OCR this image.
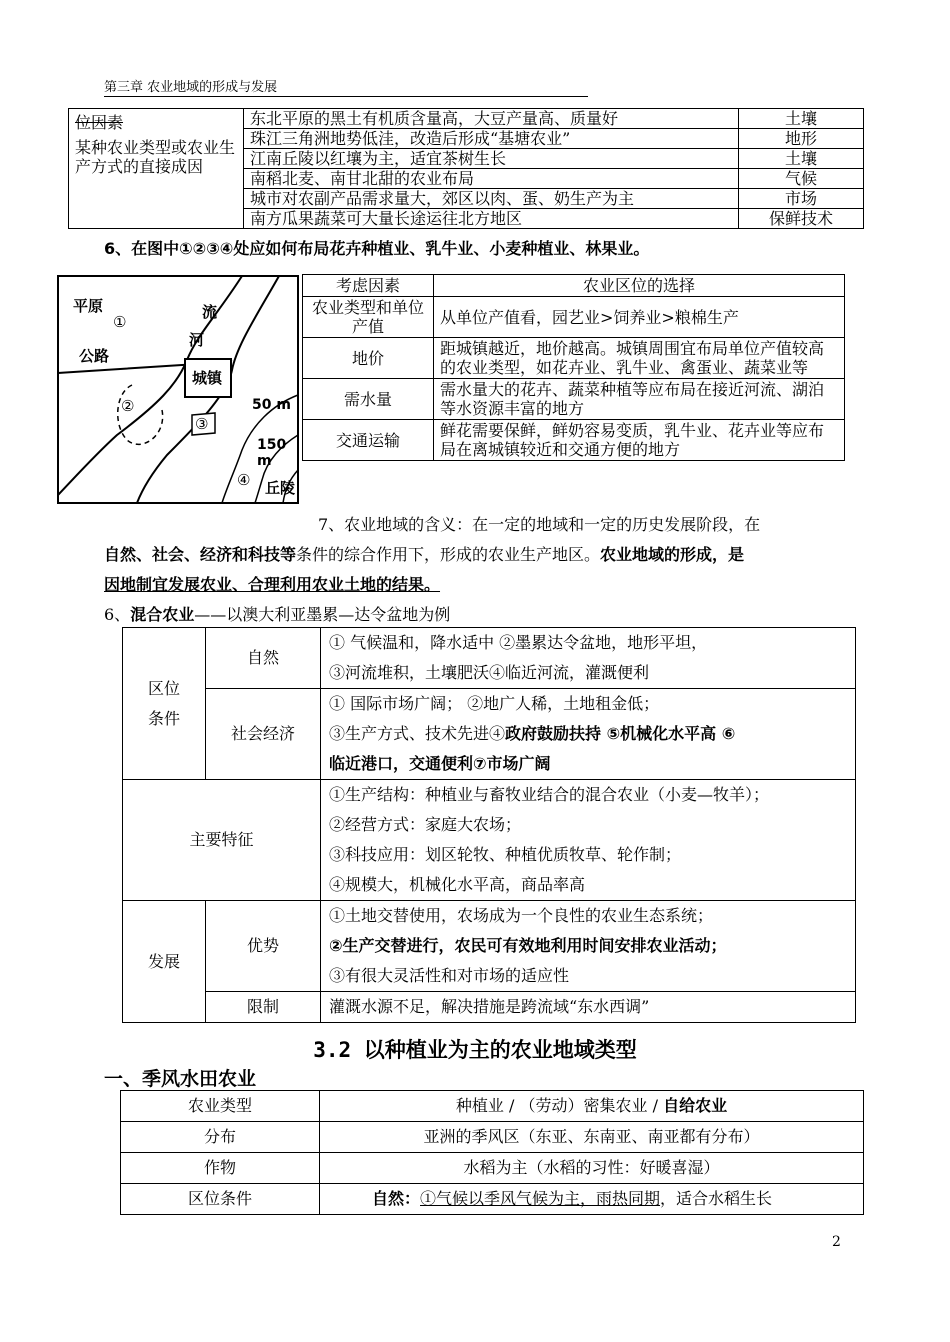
第三章 农业地域的形成与发展
位因素
某种农业类型或农业生产方式的直接成因	东北平原的黑土有机质含量高，大豆产量高、质量好	土壤
	珠江三角洲地势低洼，改造后形成“基塘农业”	地形
	江南丘陵以红壤为主，适宜茶树生长	土壤
	南稻北麦、南甘北甜的农业布局	气候
	城市对农副产品需求量大，郊区以肉、蛋、奶生产为主	市场
	南方瓜果蔬菜可大量长途运往北方地区	保鲜技术
6、在图中①②③④处应如何布局花卉种植业、乳牛业、小麦种植业、林果业。
平原
①
公路
流
河
城镇
②
③
50 m
150 m
④ 丘陵
考虑因素	农业区位的选择
农业类型和单位产值	从单位产值看，园艺业>饲养业>粮棉生产
地价	距城镇越近，地价越高。城镇周围宜布局单位产值较高的农业类型，如花卉业、乳牛业、禽蛋业、蔬菜业等
需水量	需水量大的花卉、蔬菜种植等应布局在接近河流、湖泊等水资源丰富的地方
交通运输	鲜花需要保鲜，鲜奶容易变质，乳牛业、花卉业等应布局在离城镇较近和交通方便的地方
7、农业地域的含义：在一定的地域和一定的历史发展阶段，在
自然、社会、经济和科技等条件的综合作用下，形成的农业生产地区。农业地域的形成，是
因地制宜发展农业、合理利用农业土地的结果。
6、混合农业——以澳大利亚墨累—达令盆地为例
区位条件	自然	① 气候温和，降水适中 ②墨累达令盆地，地形平坦，
③河流堆积，土壤肥沃④临近河流，灌溉便利

	社会经济	① 国际市场广阔； ②地广人稀，土地租金低；
③生产方式、技术先进④政府鼓励扶持 ⑤机械化水平高 ⑥
临近港口，交通便利⑦市场广阔

主要特征		①生产结构：种植业与畜牧业结合的混合农业（小麦—牧羊）；
②经营方式：家庭大农场；
③科技应用：划区轮牧、种植优质牧草、轮作制；
④规模大，机械化水平高，商品率高

发展	优势	①土地交替使用，农场成为一个良性的农业生态系统；
②生产交替进行，农民可有效地利用时间安排农业活动；
③有很大灵活性和对市场的适应性

	限制	灌溉水源不足，解决措施是跨流域“东水西调”
3.2 以种植业为主的农业地域类型
一、季风水田农业
农业类型	种植业 / （劳动）密集农业 / 自给农业
分布	亚洲的季风区（东亚、东南亚、南亚都有分布）
作物	水稻为主（水稻的习性：好暖喜湿）
区位条件	自然：①气候以季风气候为主，雨热同期，适合水稻生长
2
